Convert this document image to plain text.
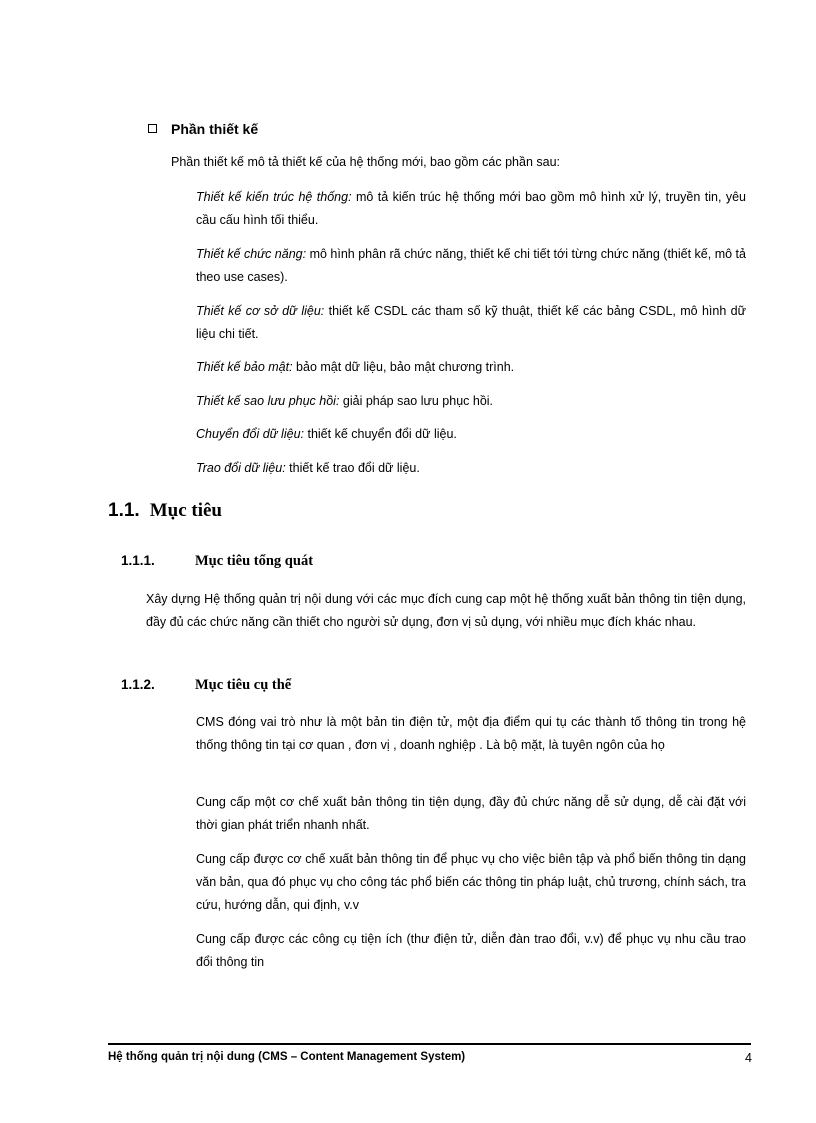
Phần thiết kế
Phần thiết kế mô tả thiết kế của hệ thống mới, bao gồm các phần sau:
Thiết kế kiến trúc hệ thống: mô tả kiến trúc hệ thống mới bao gồm mô hình xử lý, truyền tin, yêu cầu cấu hình tối thiểu.
Thiết kế chức năng: mô hình phân rã chức năng, thiết kế chi tiết tới từng chức năng (thiết kế, mô tả theo use cases).
Thiết kế cơ sở dữ liệu: thiết kế CSDL các tham số kỹ thuật, thiết kế các bảng CSDL, mô hình dữ liệu chi tiết.
Thiết kế bảo mật: bảo mật dữ liệu, bảo mật chương trình.
Thiết kế sao lưu phục hồi: giải pháp sao lưu phục hồi.
Chuyển đổi dữ liệu: thiết kế chuyển đổi dữ liệu.
Trao đổi dữ liệu: thiết kế trao đổi dữ liệu.
1.1. Mục tiêu
1.1.1.	Mục tiêu tổng quát
Xây dựng Hệ thống quản trị nội dung với các mục đích cung cap một hệ thống xuất bản thông tin tiện dụng, đầy đủ các chức năng cần thiết cho người sử dụng, đơn vị sủ dụng, với nhiều mục đích khác nhau.
1.1.2.	Mục tiêu cụ thể
CMS đóng vai trò như là một bản tin điện tử, một địa điểm qui tụ các thành tố thông tin trong hệ thống thông tin tại cơ quan , đơn vị , doanh nghiệp . Là bộ mặt, là tuyên ngôn của họ
Cung cấp một cơ chế xuất bản thông tin tiện dụng, đầy đủ chức năng dễ sử dụng, dễ cài đặt với thời gian phát triển nhanh nhất.
Cung cấp được cơ chế xuất bản thông tin để phục vụ cho việc biên tập và phổ biến thông tin dạng văn bản, qua đó phục vụ cho công tác phổ biến các thông tin pháp luật, chủ trương, chính sách, tra cứu, hướng dẫn, qui định, v.v
Cung cấp được các công cụ tiện ích (thư điện tử, diễn đàn trao đổi, v.v) để phục vụ nhu cầu trao đổi thông tin
Hệ thống quản trị nội dung (CMS – Content Management System)	4
